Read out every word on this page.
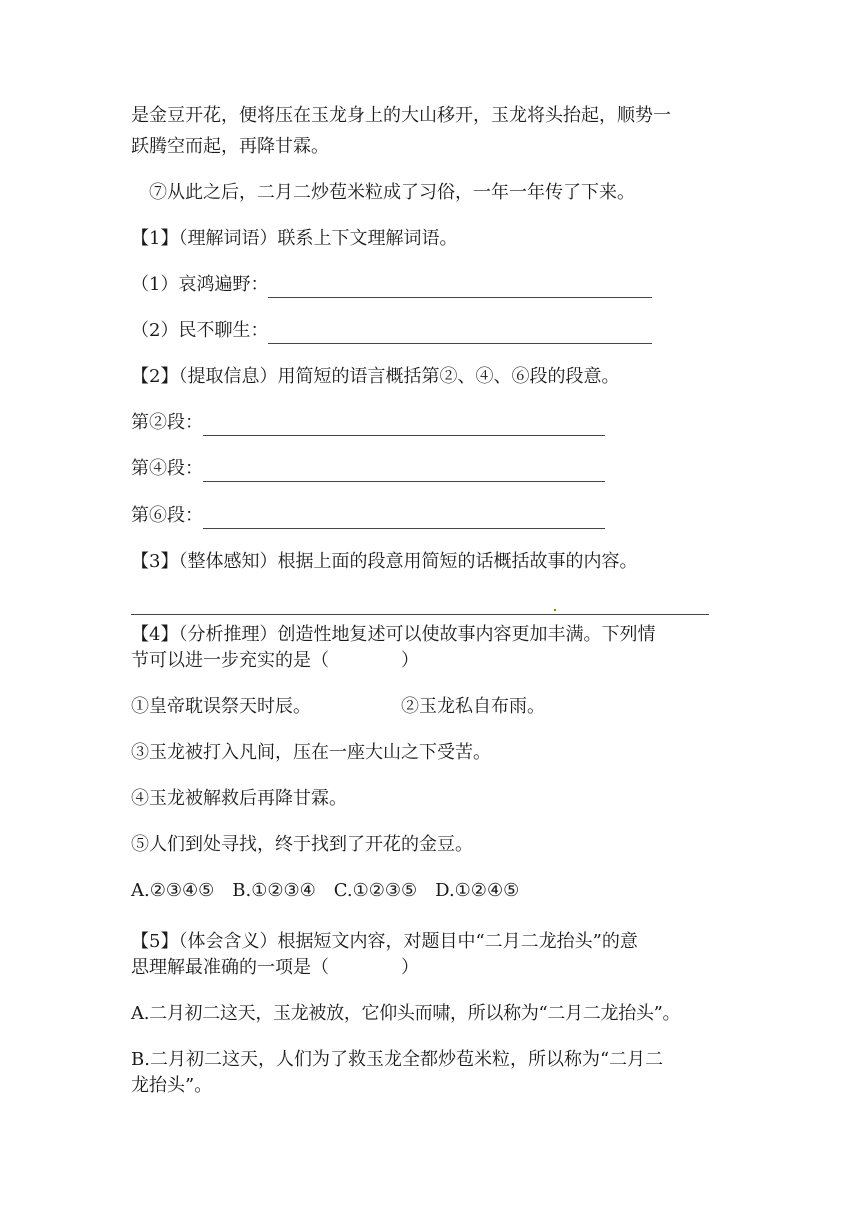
是金豆开花，便将压在玉龙身上的大山移开，玉龙将头抬起，顺势一
跃腾空而起，再降甘霖。
⑦从此之后，二月二炒苞米粒成了习俗，一年一年传了下来。
【1】（理解词语）联系上下文理解词语。
（1）哀鸿遍野：
（2）民不聊生：
【2】（提取信息）用简短的语言概括第②、④、⑥段的段意。
第②段：
第④段：
第⑥段：
【3】（整体感知）根据上面的段意用简短的话概括故事的内容。
【4】（分析推理）创造性地复述可以使故事内容更加丰满。下列情
节可以进一步充实的是（	）
①皇帝耽误祭天时辰。	②玉龙私自布雨。
③玉龙被打入凡间，压在一座大山之下受苦。
④玉龙被解救后再降甘霖。
⑤人们到处寻找，终于找到了开花的金豆。
A.②③④⑤　B.①②③④　C.①②③⑤　D.①②④⑤
【5】（体会含义）根据短文内容，对题目中“二月二龙抬头”的意
思理解最准确的一项是（	）
A.二月初二这天，玉龙被放，它仰头而啸，所以称为“二月二龙抬头”。
B.二月初二这天，人们为了救玉龙全都炒苞米粒，所以称为“二月二
龙抬头”。
